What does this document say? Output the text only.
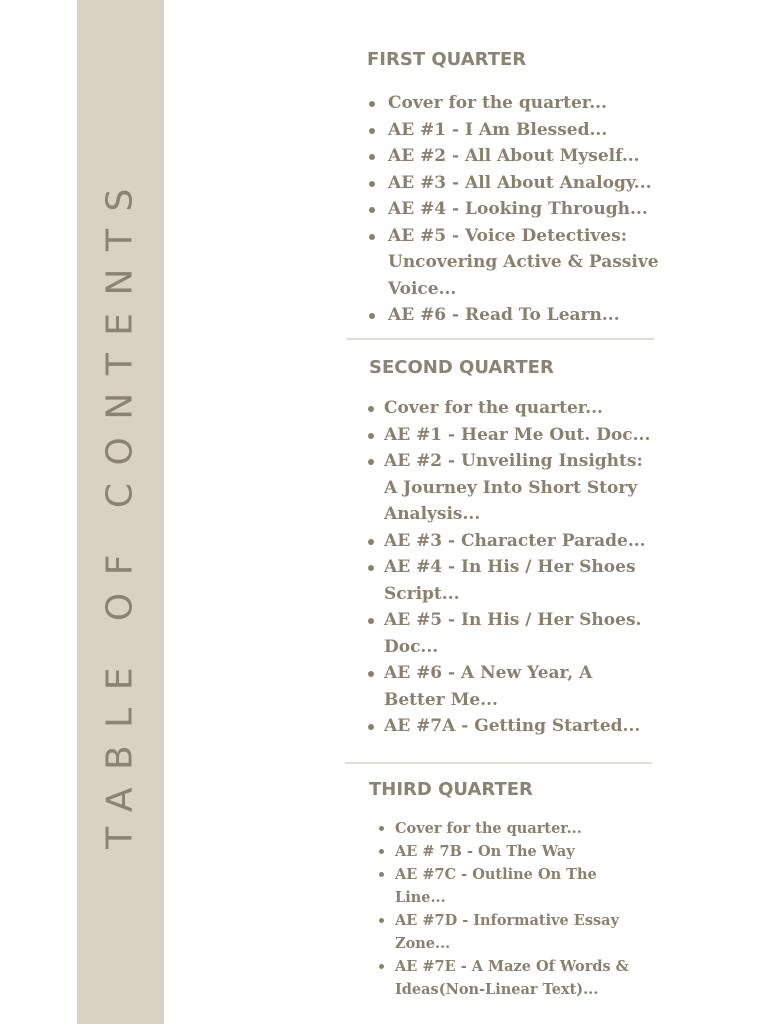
TABLE OF CONTENTS
FIRST QUARTER
Cover for the quarter...
AE #1 - I Am Blessed...
AE #2 - All About Myself...
AE #3 - All About Analogy...
AE #4 - Looking Through...
AE #5 - Voice Detectives: Uncovering Active & Passive Voice...
AE #6 - Read To Learn...
SECOND QUARTER
Cover for the quarter...
AE #1 - Hear Me Out. Doc...
AE #2 - Unveiling Insights: A Journey Into Short Story Analysis...
AE #3 - Character Parade...
AE #4 - In His / Her Shoes Script...
AE #5 - In His / Her Shoes. Doc...
AE #6 - A New Year, A Better Me...
AE #7A - Getting Started...
THIRD QUARTER
Cover for the quarter...
AE # 7B - On The Way
AE #7C - Outline On The Line...
AE #7D - Informative Essay Zone...
AE #7E - A Maze Of Words & Ideas(Non-Linear Text)...
